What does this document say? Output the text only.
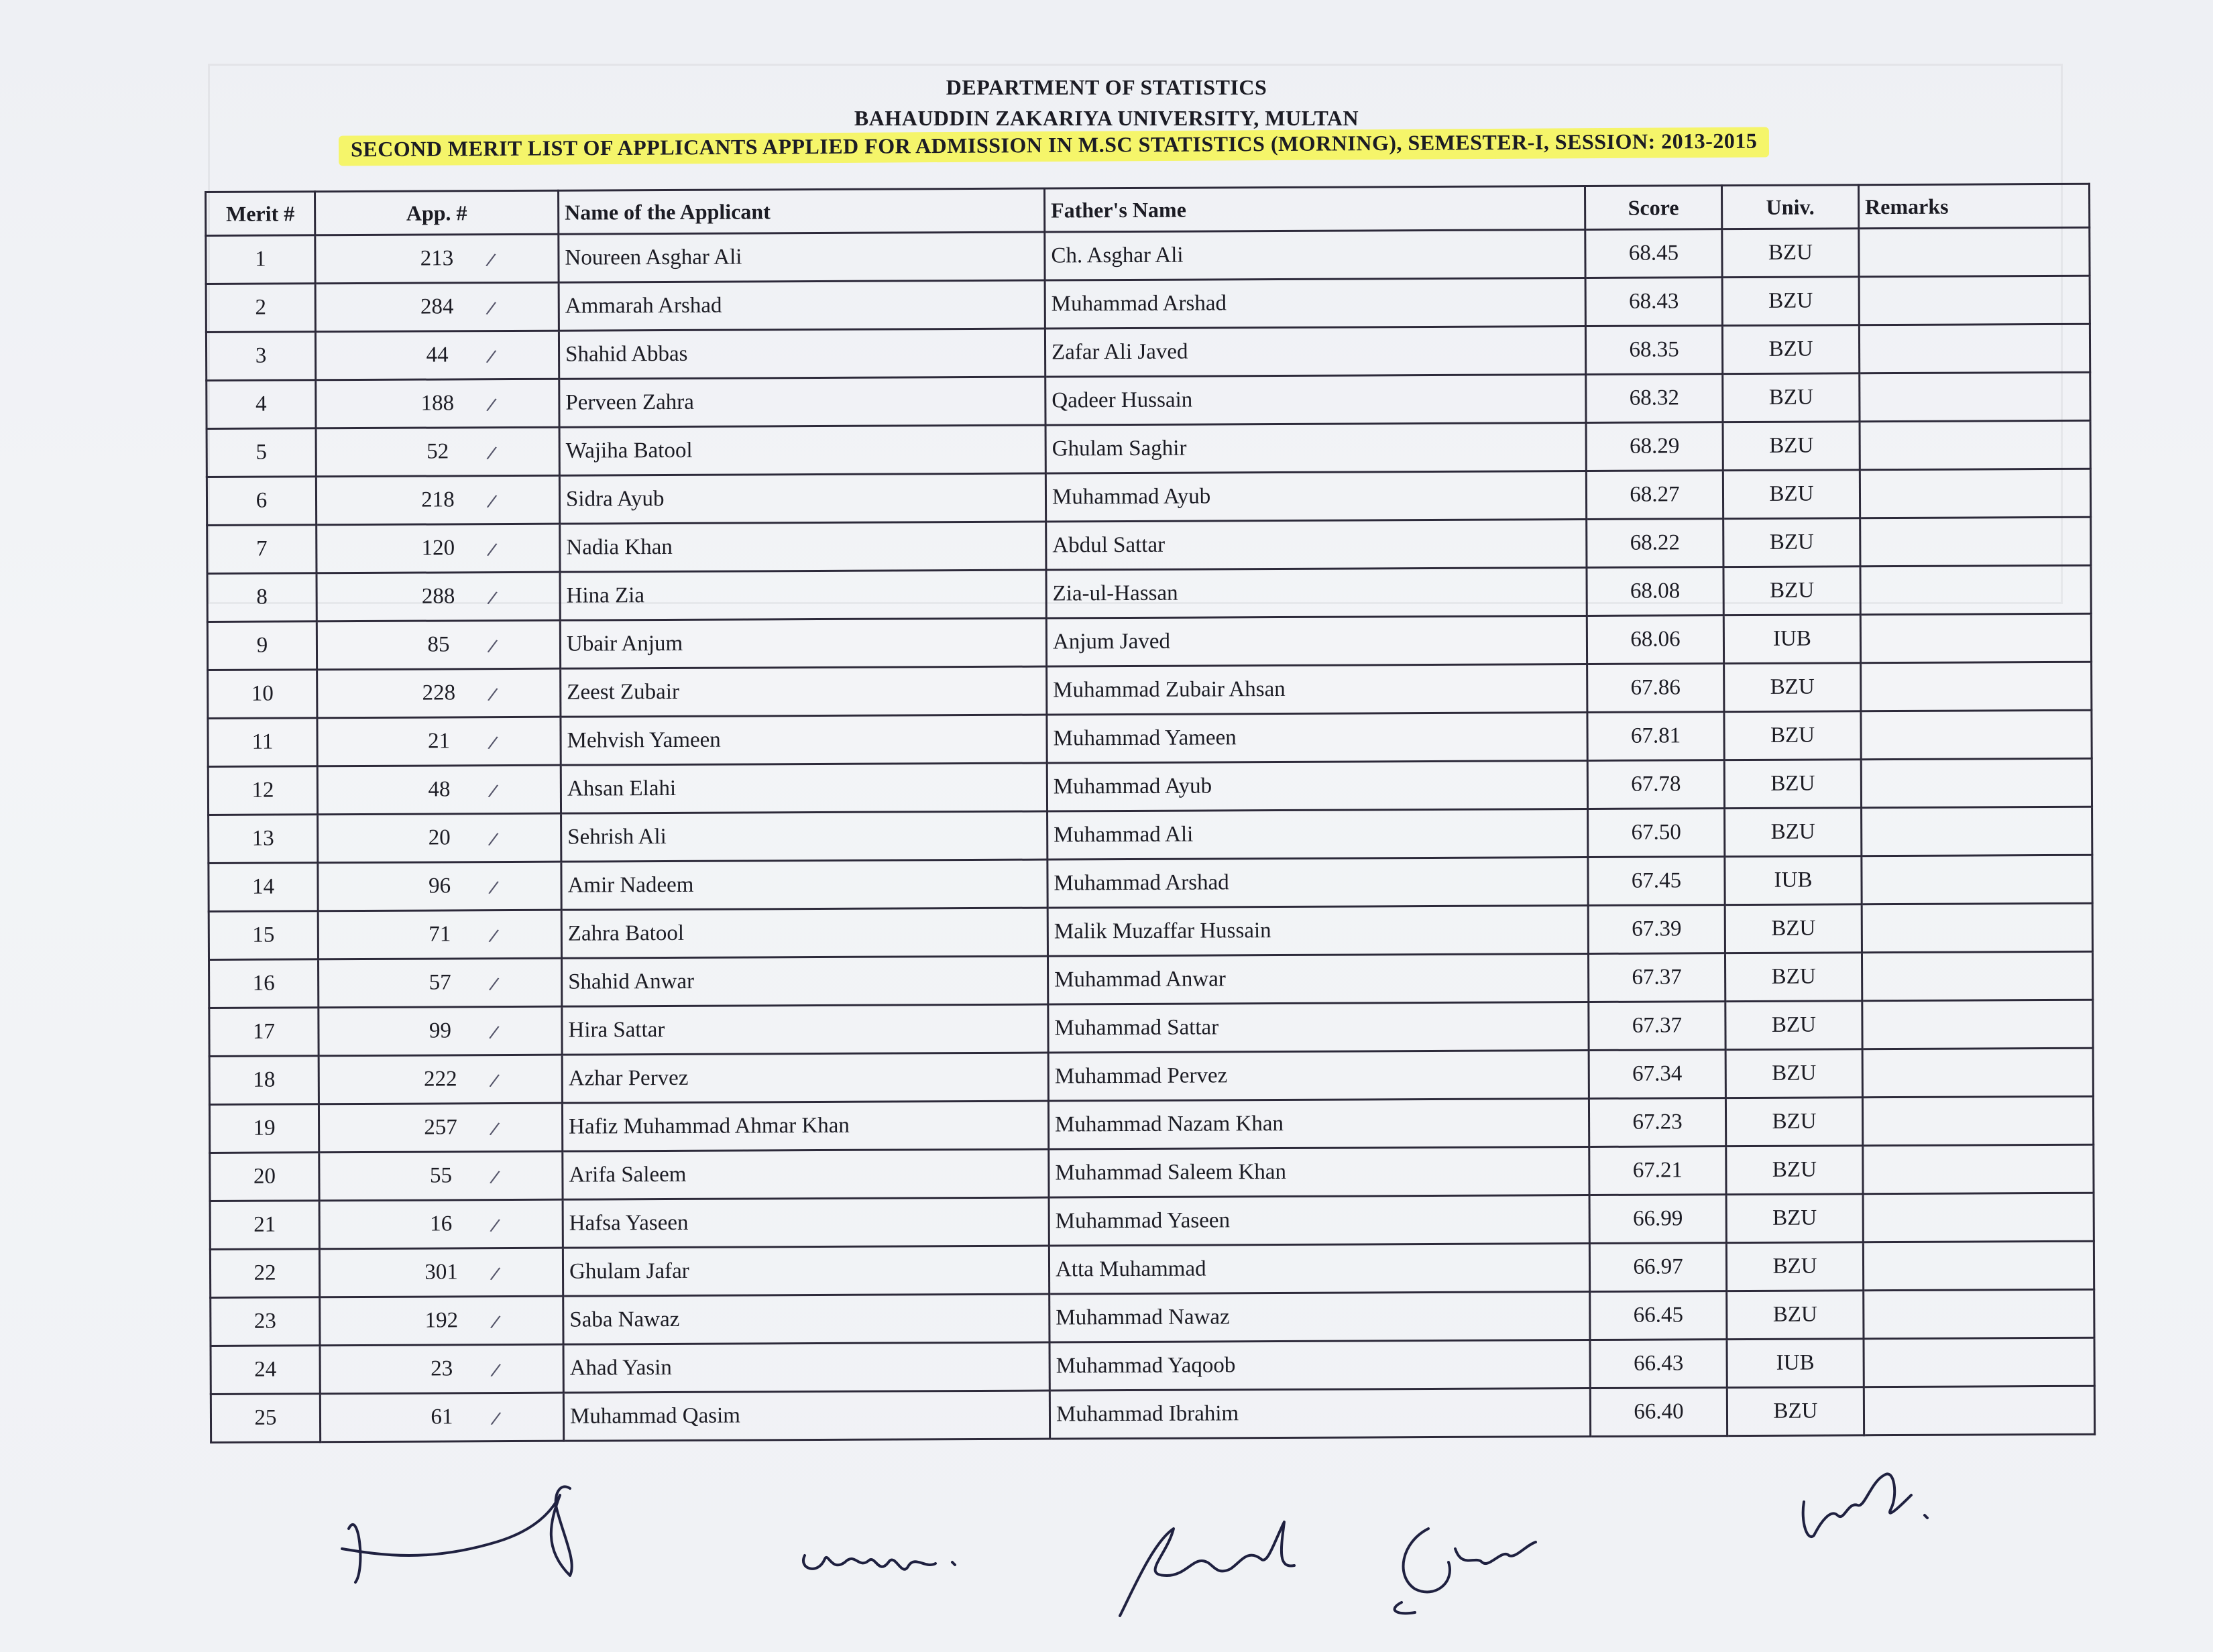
DEPARTMENT OF STATISTICS
BAHAUDDIN ZAKARIYA UNIVERSITY, MULTAN
SECOND MERIT LIST OF APPLICANTS APPLIED FOR ADMISSION IN M.SC STATISTICS (MORNING), SEMESTER-I, SESSION: 2013-2015
Merit #	App. #	Name of the Applicant	Father's Name	Score	Univ.	Remarks
1	213 /	Noureen Asghar Ali	Ch. Asghar Ali	68.45	BZU	
2	284 /	Ammarah Arshad	Muhammad Arshad	68.43	BZU	
3	44 /	Shahid Abbas	Zafar Ali Javed	68.35	BZU	
4	188 /	Perveen Zahra	Qadeer Hussain	68.32	BZU	
5	52 /	Wajiha Batool	Ghulam Saghir	68.29	BZU	
6	218 /	Sidra Ayub	Muhammad Ayub	68.27	BZU	
7	120 /	Nadia Khan	Abdul Sattar	68.22	BZU	
8	288 /	Hina Zia	Zia-ul-Hassan	68.08	BZU	
9	85 /	Ubair Anjum	Anjum Javed	68.06	IUB	
10	228 /	Zeest Zubair	Muhammad Zubair Ahsan	67.86	BZU	
11	21 /	Mehvish Yameen	Muhammad Yameen	67.81	BZU	
12	48 /	Ahsan Elahi	Muhammad Ayub	67.78	BZU	
13	20 /	Sehrish Ali	Muhammad Ali	67.50	BZU	
14	96 /	Amir Nadeem	Muhammad Arshad	67.45	IUB	
15	71 /	Zahra Batool	Malik Muzaffar Hussain	67.39	BZU	
16	57 /	Shahid Anwar	Muhammad Anwar	67.37	BZU	
17	99 /	Hira Sattar	Muhammad Sattar	67.37	BZU	
18	222 /	Azhar Pervez	Muhammad Pervez	67.34	BZU	
19	257 /	Hafiz Muhammad Ahmar Khan	Muhammad Nazam Khan	67.23	BZU	
20	55 /	Arifa Saleem	Muhammad Saleem Khan	67.21	BZU	
21	16 /	Hafsa Yaseen	Muhammad Yaseen	66.99	BZU	
22	301 /	Ghulam Jafar	Atta Muhammad	66.97	BZU	
23	192 /	Saba Nawaz	Muhammad Nawaz	66.45	BZU	
24	23 /	Ahad Yasin	Muhammad Yaqoob	66.43	IUB	
25	61 /	Muhammad Qasim	Muhammad Ibrahim	66.40	BZU	
